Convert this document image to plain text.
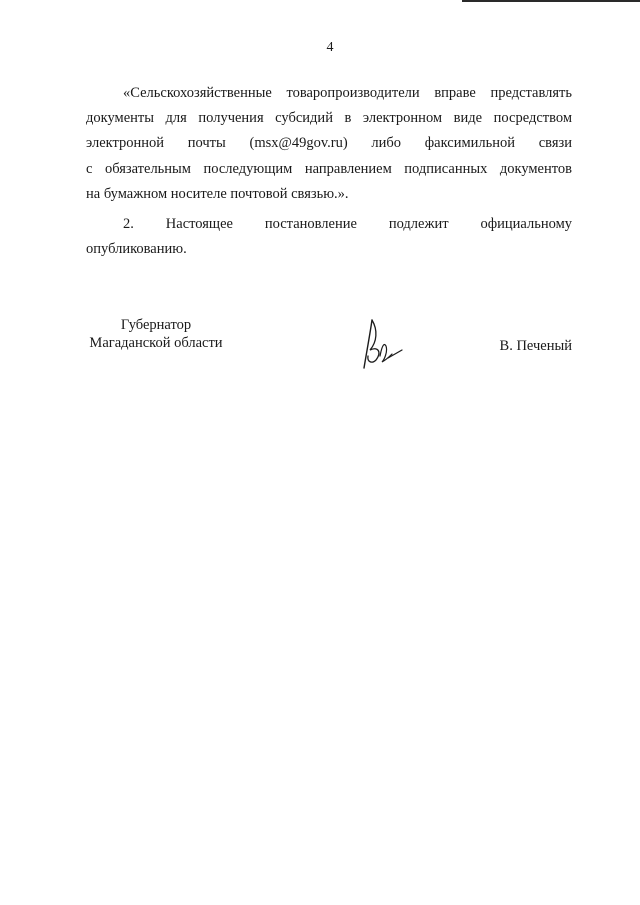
4
«Сельскохозяйственные товаропроизводители вправе представлять
документы для получения субсидий в электронном виде посредством
электронной почты (msx@49gov.ru) либо факсимильной связи
с обязательным последующим направлением подписанных документов
на бумажном носителе почтовой связью.».
2. Настоящее постановление подлежит официальному
опубликованию.
Губернатор
Магаданской области	В. Печеный
